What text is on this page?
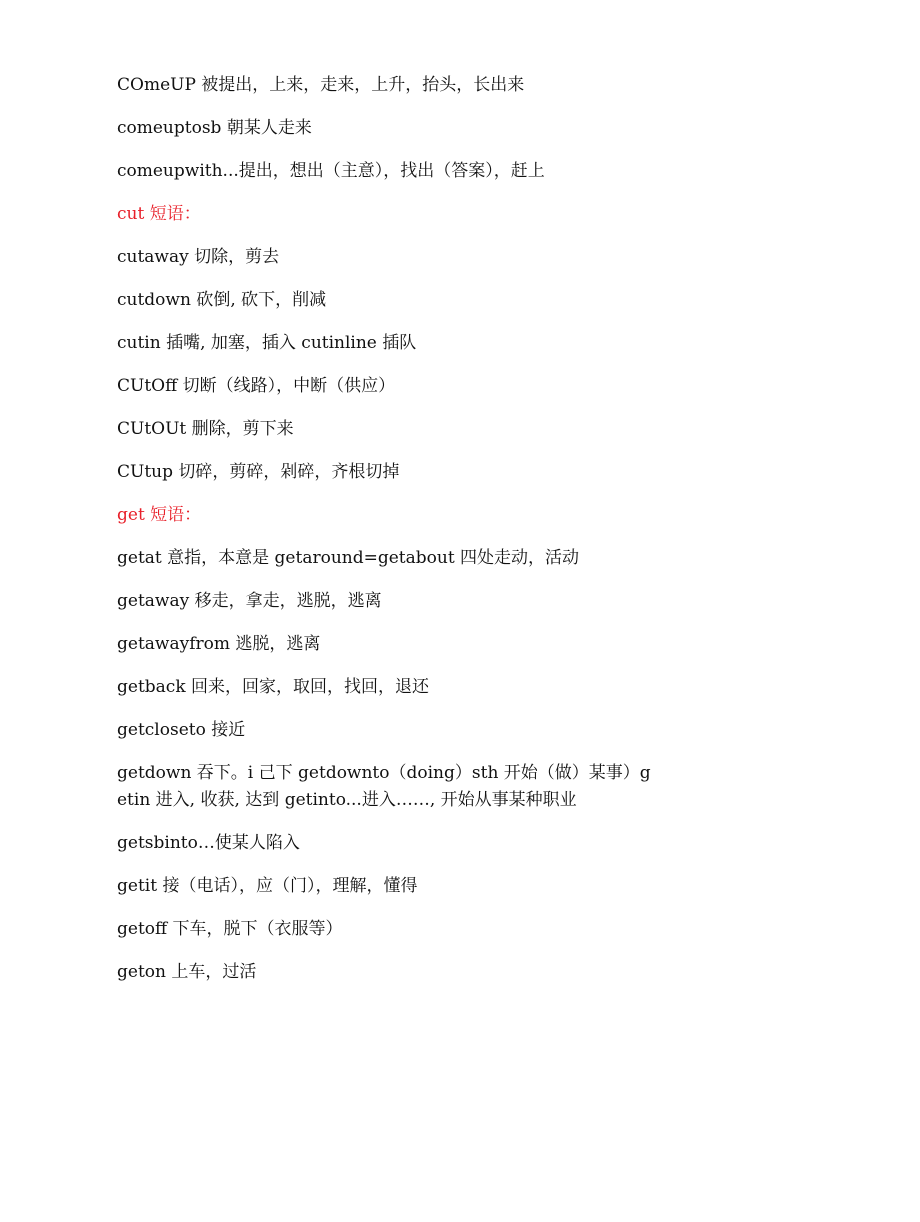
COmeUP 被提出，上来，走来，上升，抬头，长出来

comeuptosb 朝某人走来

comeupwith...提出，想出（主意），找出（答案），赶上

cut 短语：

cutaway 切除，剪去

cutdown 砍倒, 砍下，削减

cutin 插嘴, 加塞，插入 cutinline 插队

CUtOff 切断（线路），中断（供应）

CUtOUt 删除，剪下来

CUtup 切碎，剪碎，剁碎，齐根切掉

get 短语：

getat 意指，本意是 getaround=getabout 四处走动，活动

getaway 移走，拿走，逃脱，逃离

getawayfrom 逃脱，逃离

getback 回来，回家，取回，找回，退还

getcloseto 接近

getdown 吞下。i 己下 getdownto（doing）sth 开始（做）某事）getin 进入, 收获, 达到 getinto...进入……, 开始从事某种职业

getsbinto…使某人陷入

getit 接（电话），应（门），理解，懂得

getoff 下车，脱下（衣服等）

geton 上车，过活
